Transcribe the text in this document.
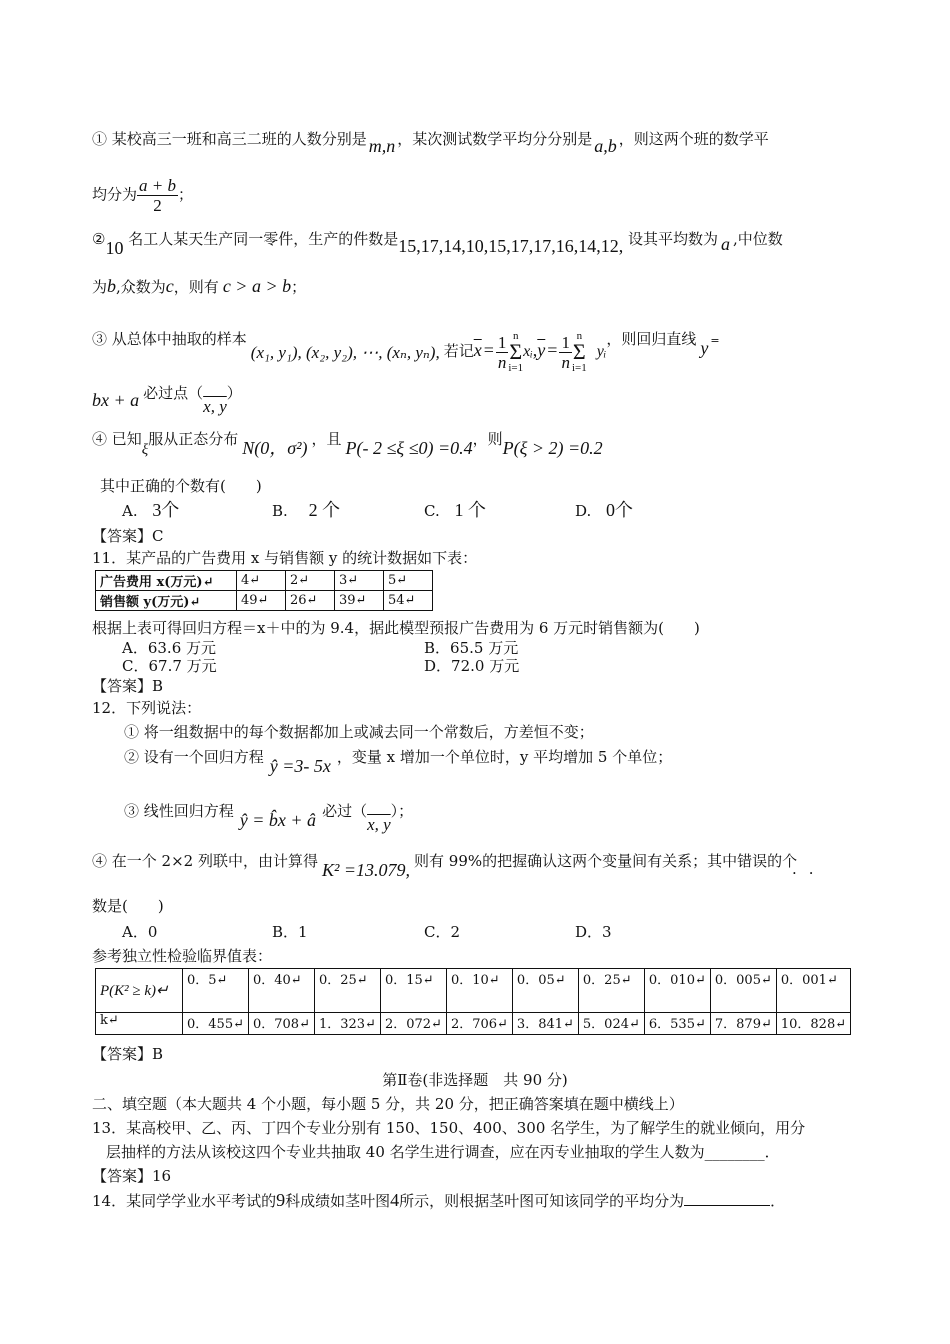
① 某校高三一班和高三二班的人数分别是 m,n ，某次测试数学平均分分别是 a,b ，则这两个班的数学平
均分为 $\frac{a + b}{2}$ ；
②10 名工人某天生产同一零件，生产的件数是15,17,14,10,15,17,17,16,14,12, 设其平均数为 a ,中位数
为b,众数为c，则有 c > a > b；
③ 从总体中抽取的样本(x₁, y₁), (x₂, y₂), ⋯, (xₙ, yₙ), 若记$\overline{x} = \frac{1}{n}$ n
Σ
$i=1xᵢ,\overline{y} = \frac{1}{n}$ n
Σ
i=1yᵢ，则回归直线 y =
bx + a 必过点（x, y）
④ 已知ξ服从正态分布 N(0，σ²) ，且 P(- 2 ≤ξ ≤0) =0.4，则P(ξ > 2) =0.2
其中正确的个数有(　　)
A. 3个	B. 2 个	C. 1 个	D. 0个
【答案】C
11．某产品的广告费用 x 与销售额 y 的统计数据如下表：
广告费用 x(万元)↵	4↵	2↵	3↵	5↵
销售额 y(万元)↵	49↵	26↵	39↵	54↵
根据上表可得回归方程＝x＋中的为 9.4，据此模型预报广告费用为 6 万元时销售额为(　　)
A．63.6 万元	B．65.5 万元
C．67.7 万元	D．72.0 万元
【答案】B
12．下列说法：
① 将一组数据中的每个数据都加上或减去同一个常数后，方差恒不变；
② 设有一个回归方程 ŷ =3- 5x ，变量 x 增加一个单位时，y 平均增加 5 个单位；
③ 线性回归方程 ŷ = b̂x + â 必过（x, y）；
④ 在一个 2×2 列联中，由计算得 K² =13.079, 则有 99%的把握确认这两个变量间有关系；其中错误的个
··
数是(　　)
A．0	B．1	C．2	D．3
参考独立性检验临界值表：
P(K² ≥ k)↵	0．5↵	0．40↵	0．25↵	0．15↵	0．10↵	0．05↵	0．25↵	0．010↵	0．005↵	0．001↵
k↵	0．455↵	0．708↵	1．323↵	2．072↵	2．706↵	3．841↵	5．024↵	6．535↵	7．879↵	10．828↵
【答案】B
第Ⅱ卷(非选择题　共 90 分)
二、填空题（本大题共 4 个小题，每小题 5 分，共 20 分，把正确答案填在题中横线上）
13．某高校甲、乙、丙、丁四个专业分别有 150、150、400、300 名学生，为了解学生的就业倾向，用分
层抽样的方法从该校这四个专业共抽取 40 名学生进行调查，应在丙专业抽取的学生人数为________．
【答案】16
14．某同学学业水平考试的9科成绩如茎叶图4所示，则根据茎叶图可知该同学的平均分为	．
